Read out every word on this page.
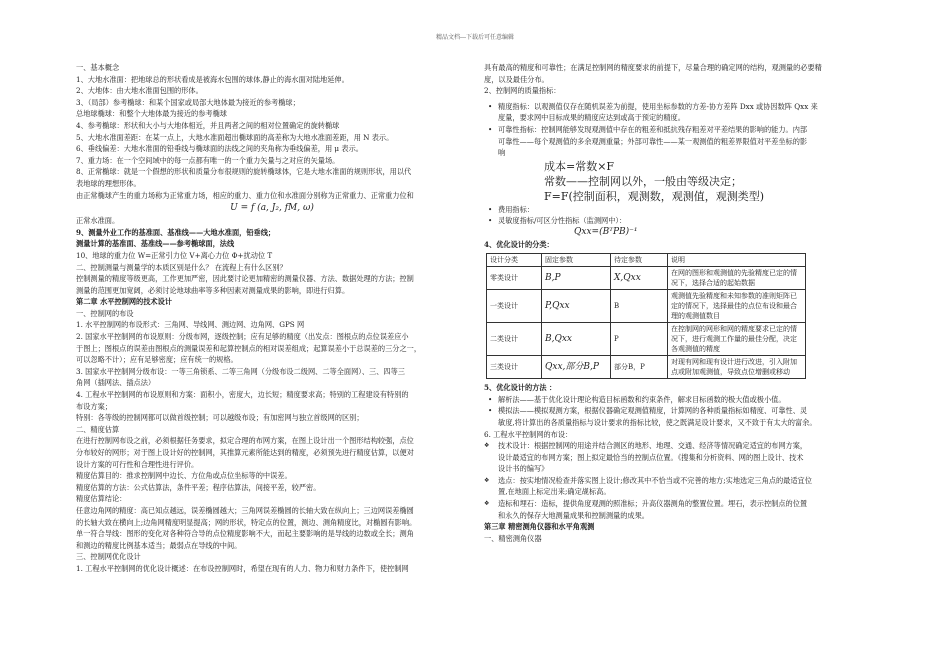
精品文档---下载后可任意编辑
一、基本概念
1、大地水准面：把地球总的形状看成是被海水包围的球体,静止的海水面对陆地延伸。
2、大地体：由大地水准面包围的形体。
3、（局部）参考椭球：和某个国家或局部大地体最为接近的参考椭球；
总地球椭球：和整个大地体最为接近的参考椭球
4、参考椭球：形状和大小与大地体相近，并且两者之间的相对位置确定的旋转椭球
5、大地水准面差距：在某一点上，大地水准面超出椭球面的高差称为大地水准面差距，用 N 表示。
6、垂线偏差：大地水准面的铅垂线与椭球面的法线之间的夹角称为垂线偏差，用 μ 表示。
7、重力场：在一个空间域中的每一点都有唯一的一个重力矢量与之对应的矢量场。
8、正常椭球：就是一个假想的形状和质量分布很规则的旋转椭球体，它是大地水准面的规则形状，用以代
表地球的理想形体。
由正常椭球产生的重力场称为正常重力场，相应的重力、重力位和水准面分别称为正常重力、正常重力位和
U = f (a, J₂, fM, ω)
正常水准面。
9、测量外业工作的基准面、基准线——大地水准面，铅垂线；
测量计算的基准面、基准线——参考椭球面，法线
10、地球的重力位 W=正常引力位 V+离心力位 Φ+扰动位 T
二、控制测量与测量学的本质区别是什么？ 在流程上有什么区别？
控制测量的精度等级更高，工作更加严密，因此要讨论更加精密的测量仪器、方法、数据处理的方法；控制
测量的范围更加宽阔，必须讨论地球曲率等多种因素对测量成果的影响，即进行归算。
第二章 水平控制网的技术设计
一、控制网的布设
1. 水平控制网的布设形式：三角网、导线网、测边网、边角网、GPS 网
2. 国家水平控制网的布设原则：分级布网，逐级控制；应有足够的精度（出发点：图根点的点位误差应小
于图上；图根点的误差由图根点的测量误差和起算控制点的相对误差组成；起算误差小于总误差的三分之一，
可以忽略不计）；应有足够密度；应有统一的规格。
3. 国家水平控制网分级布设：一等三角锁系、二等三角网（分级布设二级网、二等全面网）、三、四等三
角网（插网法、插点法）
4. 工程水平控制网的布设原则和方案：面积小，密度大，边长短；精度要求高；特别的工程建设有特别的
布设方案；
特别：各等级的控制网都可以做首级控制；可以越级布设；有加密网与独立首级网的区别；
二、精度估算
在进行控制网布设之前，必须根据任务要求，拟定合理的布网方案，在图上设计出一个图形结构较强，点位
分布较好的网形；对于图上设计好的控制网，其推算元素所能达到的精度，必须预先进行精度估算，以便对
设计方案的可行性和合理性进行评价。
精度估算目的：推求控制网中边长、方位角或点位坐标等的中误差。
精度估算的方法：公式估算法，条件平差；程序估算法，间接平差，较严密。
精度估算结论：
任意边角网的精度：高已知点越远，误差椭圆越大；三角网误差椭圆的长轴大致在纵向上；三边网误差椭圆
的长轴大致在横向上;边角网精度明显提高；网的形状，特定点的位置，测边、测角精度比，对椭圆有影响。
单一符合导线：图形的变化对各种符合导的点位精度影响不大，而起主要影响的是导线的边数或全长；测角
和测边的精度比例基本适当；最弱点在导线的中间。
三、控制网优化设计
1. 工程水平控制网的优化设计概述：在布设控制网时，希望在现有的人力、物力和财力条件下，使控制网
具有最高的精度和可靠性；在满足控制网的精度要求的前提下，尽量合理的确定网的结构，观测量的必要精
度，以及最佳分布。
2、控制网的质量指标：
• 精度指标：以观测值仅存在随机误差为前提，使用坐标参数的方差-协方差阵 Dxx 或协因数阵 Qxx 来
度量，要求网中目标成果的精度应达到或高于预定的精度。
• 可靠性指标：控制网能够发现观测值中存在的粗差和抵抗残存粗差对平差结果的影响的能力。内部
可靠性——每个观测值的多余观测重量；外部可靠性——某一观测值的粗差界限值对平差坐标的影
响
成本=常数×F
常数——控制网以外，一般由等级决定；
F=F(控制面积，观测数，观测值，观测类型)
• 费用指标：
• 灵敏度指标/可区分性指标（监测网中）：
Qxx=(BᵀPB)⁻¹
4、优化设计的分类：
设计分类	固定参数	待定参数	说明
零类设计	B,P	X,Qxx	在网的图形和观测值的先验精度已定的情况下，选择合适的起始数据
一类设计	P,Qxx	B	观测值先验精度和未知参数的准则矩阵已定的情况下，选择最佳的点位布设和最合理的观测值数目
二类设计	B,Qxx	P	在控制网的网形和网的精度要求已定的情况下，进行观测工作量的最佳分配，决定各观测值的精度
三类设计	Qxx,部分B,P	部分B，P	对现有网和现有设计进行改进，引入附加点或附加观测值，导致点位增删或移动
5、优化设计的方法 ：
• 解析法——基于优化设计理论构造目标函数和约束条件，解求目标函数的极大值或极小值。
• 模拟法——模拟观测方案，根据仪器确定观测值精度，计算网的各种质量指标如精度、可靠性、灵
敏度,将计算出的各质量指标与设计要求的指标比较，使之既满足设计要求，又不致于有太大的富余。
6. 工程水平控制网的布设：
❖ 技术设计：根据控制网的用途并结合测区的地形、地理、交通、经济等情况确定适宜的布网方案，
设计最适宜的布网方案；图上拟定最恰当的控制点位置。《搜集和分析资料、网的图上设计、技术
设计书的编写》
❖ 选点：按实地情况检查并落实图上设计;修改其中不恰当或不完善的地方;实地选定三角点的最适宜位
置,在地面上标定出来;确定觇标高。
❖ 造标和埋石：造标，提供角度观测的照准标；升高仪器测角的整置位置。埋石，表示控制点的位置
和永久的保存大地测量成果和控制测量的成果。
第三章 精密测角仪器和水平角观测
一、精密测角仪器
